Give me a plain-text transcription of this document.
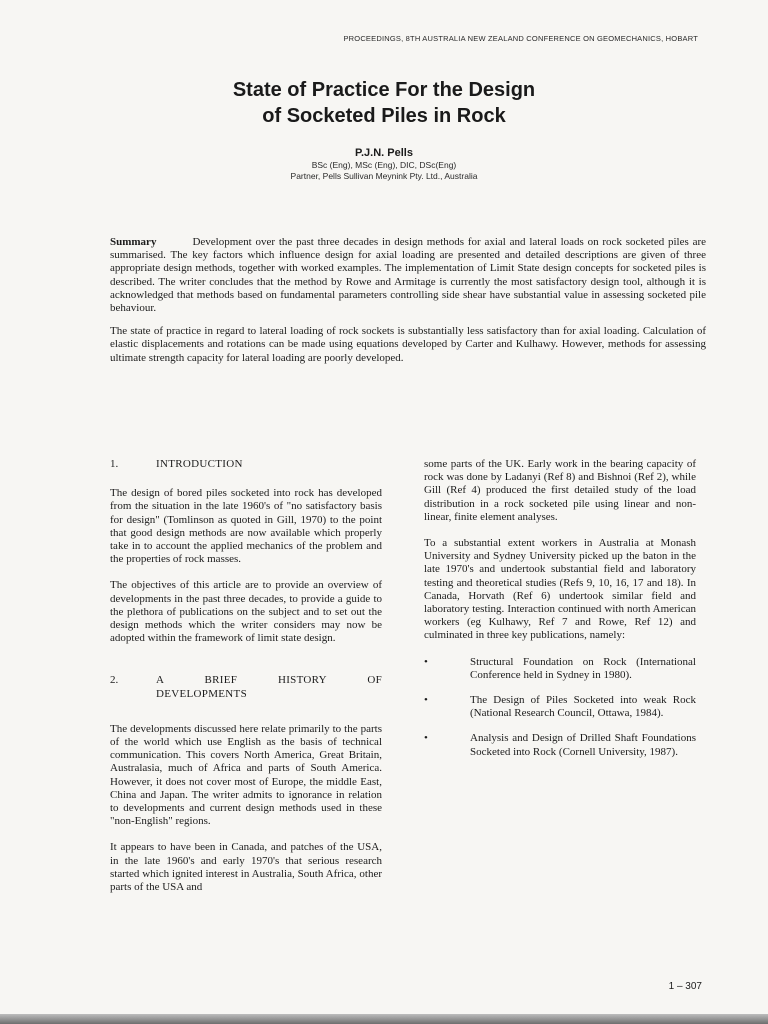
PROCEEDINGS, 8TH AUSTRALIA NEW ZEALAND CONFERENCE ON GEOMECHANICS, HOBART
State of Practice For the Design
of Socketed Piles in Rock
P.J.N. Pells
BSc (Eng), MSc (Eng), DIC, DSc(Eng)
Partner, Pells Sullivan Meynink Pty. Ltd., Australia

Summary	Development over the past three decades in design methods for axial and lateral loads on rock socketed piles are summarised. The key factors which influence design for axial loading are presented and detailed descriptions are given of three appropriate design methods, together with worked examples. The implementation of Limit State design concepts for socketed piles is described. The writer concludes that the method by Rowe and Armitage is currently the most satisfactory design tool, although it is acknowledged that methods based on fundamental parameters controlling side shear have substantial value in assessing socketed pile behaviour.

The state of practice in regard to lateral loading of rock sockets is substantially less satisfactory than for axial loading. Calculation of elastic displacements and rotations can be made using equations developed by Carter and Kulhawy. However, methods for assessing ultimate strength capacity for lateral loading are poorly developed.

1.	INTRODUCTION

The design of bored piles socketed into rock has developed from the situation in the late 1960's of "no satisfactory basis for design" (Tomlinson as quoted in Gill, 1970) to the point that good design methods are now available which properly take in to account the applied mechanics of the problem and the properties of rock masses.

The objectives of this article are to provide an overview of developments in the past three decades, to provide a guide to the plethora of publications on the subject and to set out the design methods which the writer considers may now be adopted within the framework of limit state design.

2.	A BRIEF HISTORY OF
DEVELOPMENTS

The developments discussed here relate primarily to the parts of the world which use English as the basis of technical communication. This covers North America, Great Britain, Australasia, much of Africa and parts of South America. However, it does not cover most of Europe, the middle East, China and Japan. The writer admits to ignorance in relation to developments and current design methods used in these "non-English" regions.

It appears to have been in Canada, and patches of the USA, in the late 1960's and early 1970's that serious research started which ignited interest in Australia, South Africa, other parts of the USA and

some parts of the UK. Early work in the bearing capacity of rock was done by Ladanyi (Ref 8) and Bishnoi (Ref 2), while Gill (Ref 4) produced the first detailed study of the load distribution in a rock socketed pile using linear and non-linear, finite element analyses.

To a substantial extent workers in Australia at Monash University and Sydney University picked up the baton in the late 1970's and undertook substantial field and laboratory testing and theoretical studies (Refs 9, 10, 16, 17 and 18). In Canada, Horvath (Ref 6) undertook similar field and laboratory testing. Interaction continued with north American workers (eg Kulhawy, Ref 7 and Rowe, Ref 12) and culminated in three key publications, namely:

•	Structural Foundation on Rock (International Conference held in Sydney in 1980).
•	The Design of Piles Socketed into weak Rock (National Research Council, Ottawa, 1984).
•	Analysis and Design of Drilled Shaft Foundations Socketed into Rock (Cornell University, 1987).
1 – 307
